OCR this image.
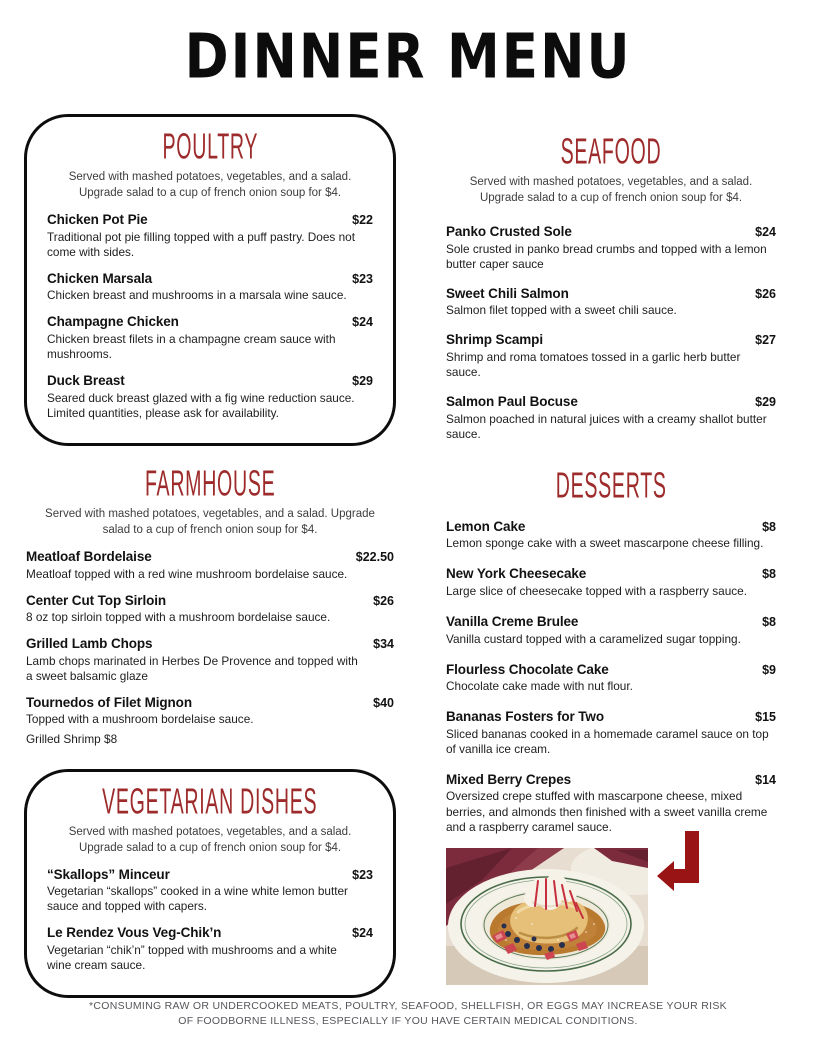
DINNER MENU
POULTRY
Served with mashed potatoes, vegetables, and a salad. Upgrade salad to a cup of french onion soup for $4.
Chicken Pot Pie	$22
Traditional pot pie filling topped with a puff pastry. Does not come with sides.
Chicken Marsala	$23
Chicken breast and mushrooms in a marsala wine sauce.
Champagne Chicken	$24
Chicken breast filets in a champagne cream sauce with mushrooms.
Duck Breast	$29
Seared duck breast glazed with a fig wine reduction sauce. Limited quantities, please ask for availability.
FARMHOUSE
Served with mashed potatoes, vegetables, and a salad. Upgrade salad to a cup of french onion soup for $4.
Meatloaf Bordelaise	$22.50
Meatloaf topped with a red wine mushroom bordelaise sauce.
Center Cut Top Sirloin	$26
8 oz top sirloin topped with a mushroom bordelaise sauce.
Grilled Lamb Chops	$34
Lamb chops marinated in Herbes De Provence and topped with a sweet balsamic glaze
Tournedos of Filet Mignon	$40
Topped with a mushroom bordelaise sauce.
Grilled Shrimp $8
VEGETARIAN DISHES
Served with mashed potatoes, vegetables, and a salad. Upgrade salad to a cup of french onion soup for $4.
“Skallops” Minceur	$23
Vegetarian “skallops” cooked in a wine white lemon butter sauce and topped with capers.
Le Rendez Vous Veg-Chik’n	$24
Vegetarian “chik’n” topped with mushrooms and a white wine cream sauce.
SEAFOOD
Served with mashed potatoes, vegetables, and a salad. Upgrade salad to a cup of french onion soup for $4.
Panko Crusted Sole	$24
Sole crusted in panko bread crumbs and topped with a lemon butter caper sauce
Sweet Chili Salmon	$26
Salmon filet topped with a sweet chili sauce.
Shrimp Scampi	$27
Shrimp and roma tomatoes tossed in a garlic herb butter sauce.
Salmon Paul Bocuse	$29
Salmon poached in natural juices with a creamy shallot butter sauce.
DESSERTS
Lemon Cake	$8
Lemon sponge cake with a sweet mascarpone cheese filling.
New York Cheesecake	$8
Large slice of cheesecake topped with a raspberry sauce.
Vanilla Creme Brulee	$8
Vanilla custard topped with a caramelized sugar topping.
Flourless Chocolate Cake	$9
Chocolate cake made with nut flour.
Bananas Fosters for Two	$15
Sliced bananas cooked in a homemade caramel sauce on top of vanilla ice cream.
Mixed Berry Crepes	$14
Oversized crepe stuffed with mascarpone cheese, mixed berries, and almonds then finished with a sweet vanilla creme and a raspberry caramel sauce.
*CONSUMING RAW OR UNDERCOOKED MEATS, POULTRY, SEAFOOD, SHELLFISH, OR EGGS MAY INCREASE YOUR RISK
OF FOODBORNE ILLNESS, ESPECIALLY IF YOU HAVE CERTAIN MEDICAL CONDITIONS.
